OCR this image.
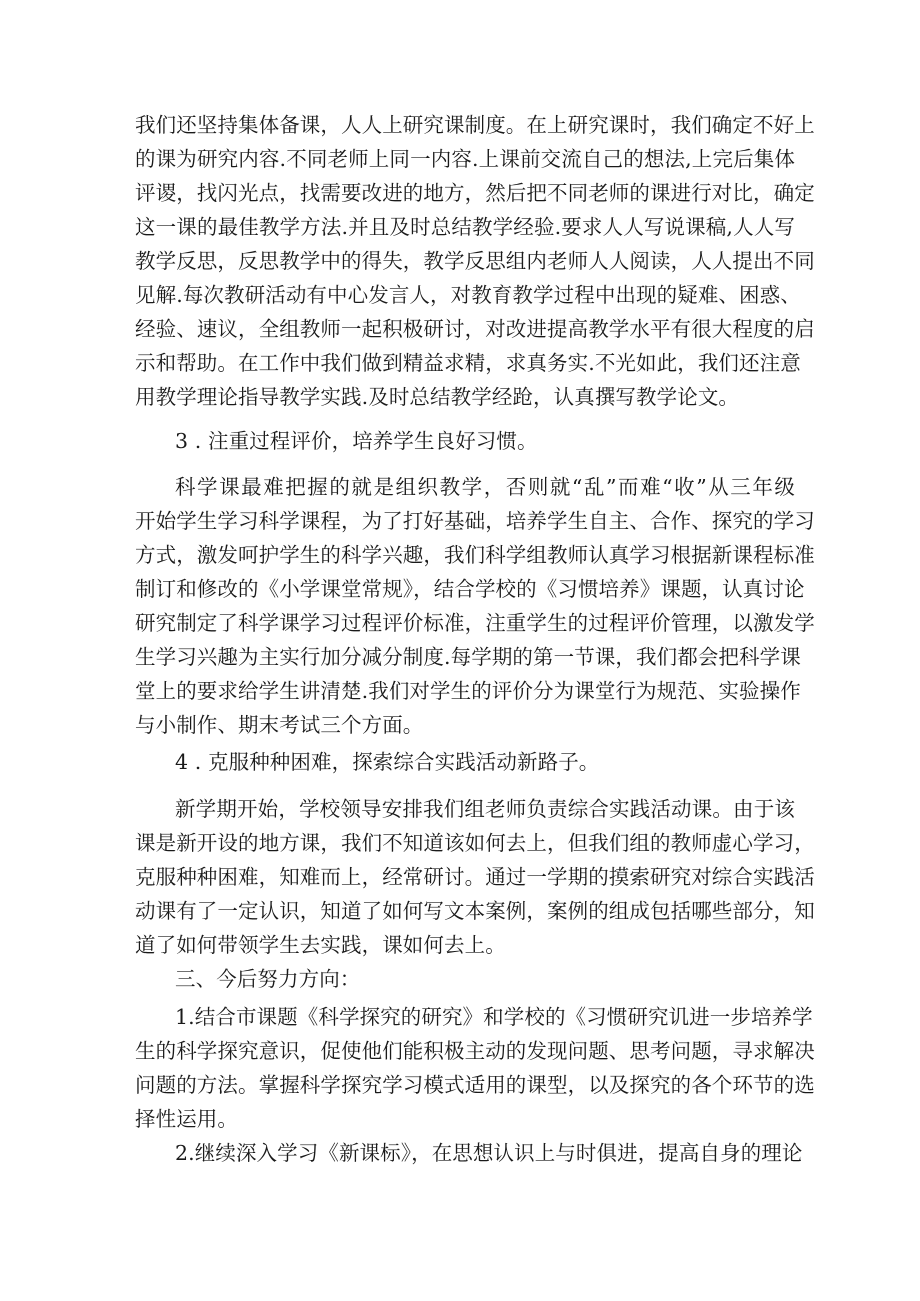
我们还坚持集体备课，人人上研究课制度。在上研究课时，我们确定不好上
的课为研究内容.不同老师上同一内容.上课前交流自己的想法,上完后集体
评谡，找闪光点，找需要改进的地方，然后把不同老师的课进行对比，确定
这一课的最佳教学方法.并且及时总结教学经验.要求人人写说课稿,人人写
教学反思，反思教学中的得失，教学反思组内老师人人阅读，人人提出不同
见解.每次教研活动有中心发言人，对教育教学过程中出现的疑难、困惑、
经验、速议，全组教师一起积极研讨，对改进提高教学水平有很大程度的启
示和帮助。在工作中我们做到精益求精，求真务实.不光如此，我们还注意
用教学理论指导教学实践.及时总结教学经跄，认真撰写教学论文。
3 . 注重过程评价，培养学生良好习惯。
科学课最难把握的就是组织教学，否则就“乱”而难“收”从三年级
开始学生学习科学课程，为了打好基础，培养学生自主、合作、探究的学习
方式，激发呵护学生的科学兴趣，我们科学组教师认真学习根据新课程标准
制订和修改的《小学课堂常规》，结合学校的《习惯培养》课题，认真讨论
研究制定了科学课学习过程评价标准，注重学生的过程评价管理，以激发学
生学习兴趣为主实行加分减分制度.每学期的第一节课，我们都会把科学课
堂上的要求给学生讲清楚.我们对学生的评价分为课堂行为规范、实验操作
与小制作、期末考试三个方面。
4 . 克服种种困难，探索综合实践活动新路子。
新学期开始，学校领导安排我们组老师负责综合实践活动课。由于该
课是新开设的地方课，我们不知道该如何去上，但我们组的教师虚心学习，
克服种种困难，知难而上，经常研讨。通过一学期的摸索研究对综合实践活
动课有了一定认识，知道了如何写文本案例，案例的组成包括哪些部分，知
道了如何带领学生去实践，课如何去上。
三、今后努力方向：
1.结合市课题《科学探究的研究》和学校的《习惯研究讥进一步培养学
生的科学探究意识，促使他们能积极主动的发现问题、思考问题，寻求解决
问题的方法。掌握科学探究学习模式适用的课型，以及探究的各个环节的选
择性运用。
2.继续深入学习《新课标》，在思想认识上与时俱进，提高自身的理论
